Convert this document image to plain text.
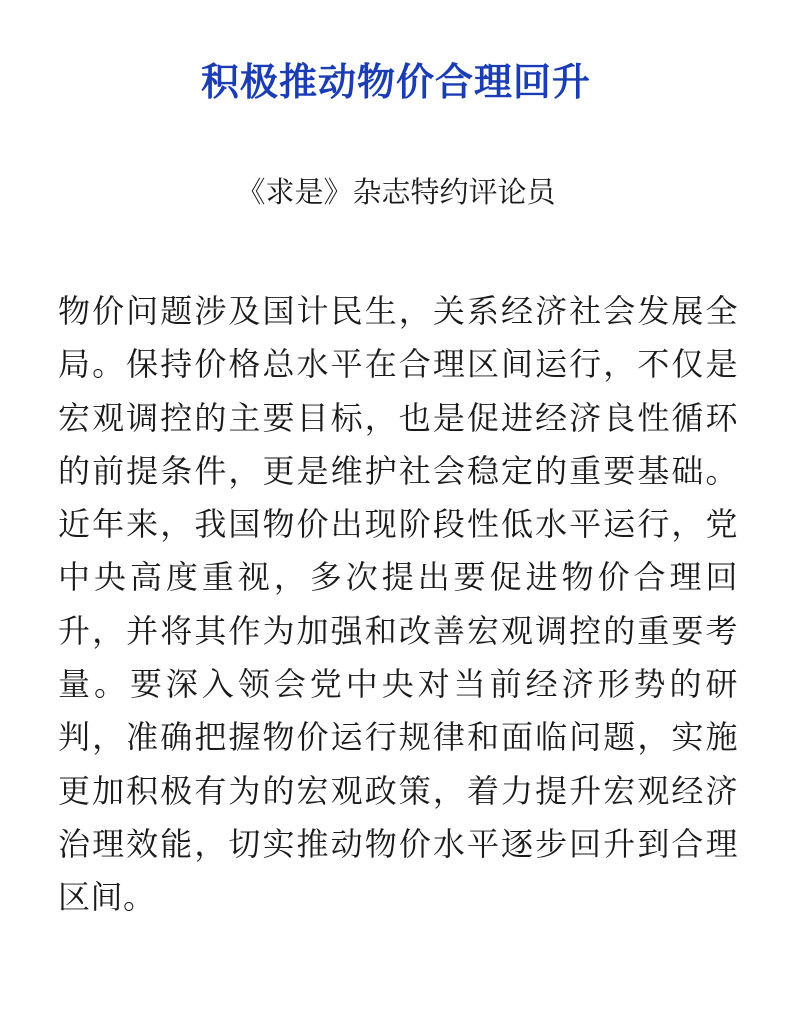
积极推动物价合理回升
《求是》杂志特约评论员

物价问题涉及国计民生，关系经济社会发展全局。保持价格总水平在合理区间运行，不仅是宏观调控的主要目标，也是促进经济良性循环的前提条件，更是维护社会稳定的重要基础。近年来，我国物价出现阶段性低水平运行，党中央高度重视，多次提出要促进物价合理回升，并将其作为加强和改善宏观调控的重要考量。要深入领会党中央对当前经济形势的研判，准确把握物价运行规律和面临问题，实施更加积极有为的宏观政策，着力提升宏观经济治理效能，切实推动物价水平逐步回升到合理区间。
